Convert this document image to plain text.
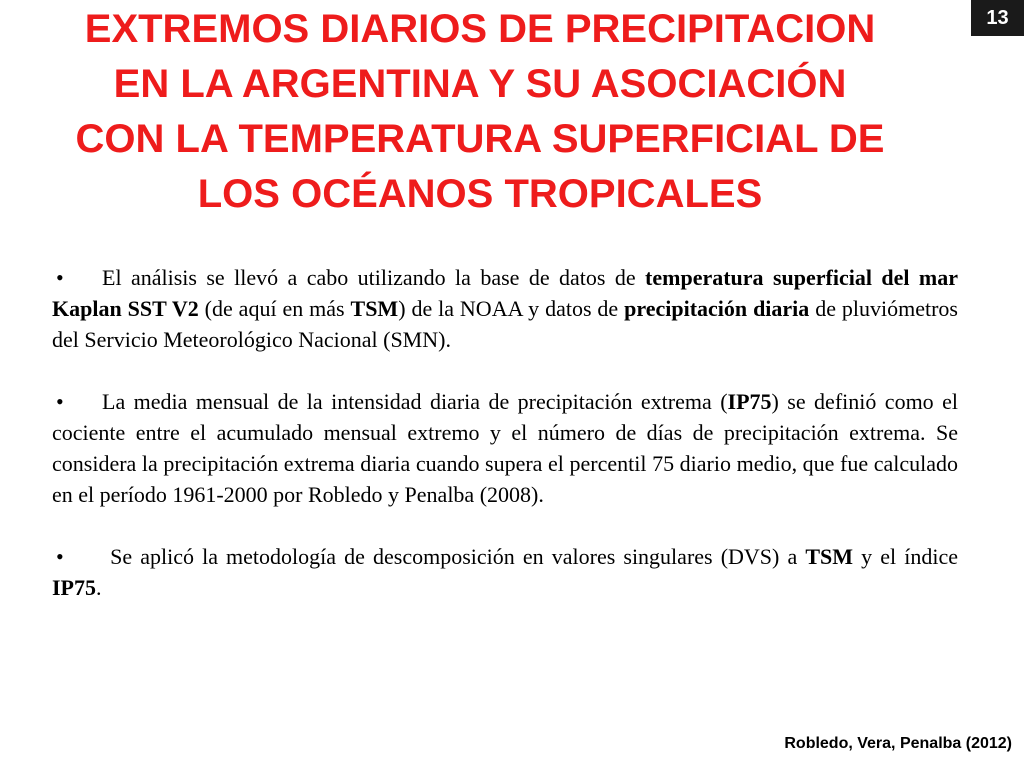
EXTREMOS DIARIOS DE PRECIPITACION
EN LA ARGENTINA Y SU ASOCIACIÓN
CON LA TEMPERATURA SUPERFICIAL DE
LOS OCÉANOS TROPICALES
13

• El análisis se llevó a cabo utilizando la base de datos de temperatura superficial del mar Kaplan SST V2 (de aquí en más TSM) de la NOAA y datos de precipitación diaria de pluviómetros del Servicio Meteorológico Nacional (SMN).

• La media mensual de la intensidad diaria de precipitación extrema (IP75) se definió como el cociente entre el acumulado mensual extremo y el número de días de precipitación extrema. Se considera la precipitación extrema diaria cuando supera el percentil 75 diario medio, que fue calculado en el período 1961-2000 por Robledo y Penalba (2008).

• Se aplicó la metodología de descomposición en valores singulares (DVS) a TSM y el índice IP75.

Robledo, Vera, Penalba (2012)
